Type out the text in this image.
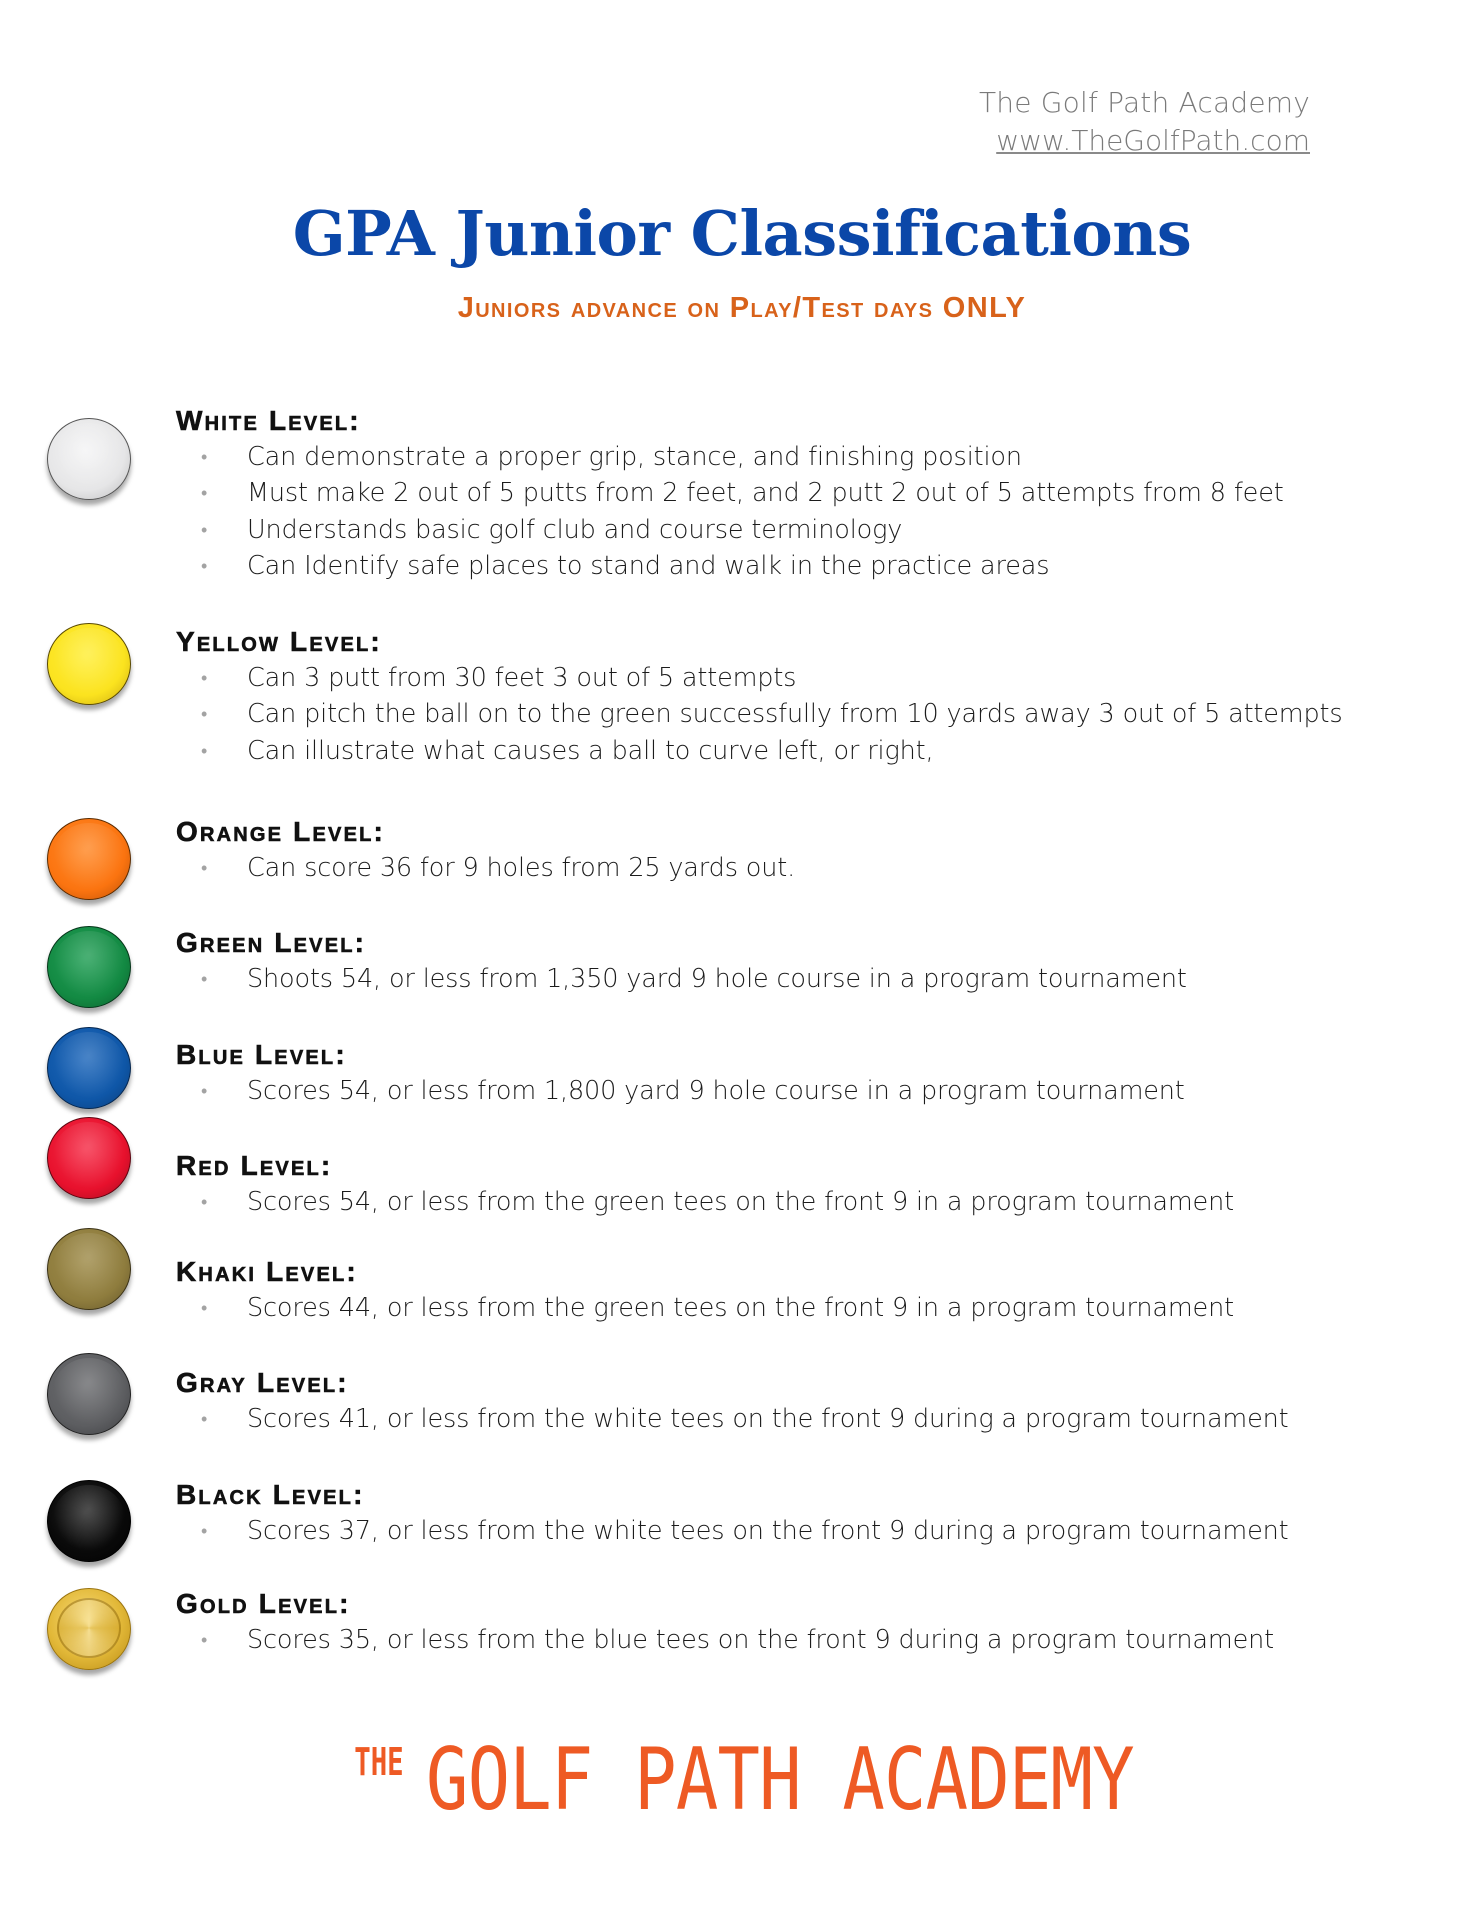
The Golf Path Academy
www.TheGolfPath.com
GPA Junior Classifications
Juniors advance on Play/Test days ONLY
White Level:
• Can demonstrate a proper grip, stance, and finishing position
• Must make 2 out of 5 putts from 2 feet, and 2 putt 2 out of 5 attempts from 8 feet
• Understands basic golf club and course terminology
• Can Identify safe places to stand and walk in the practice areas
Yellow Level:
• Can 3 putt from 30 feet 3 out of 5 attempts
• Can pitch the ball on to the green successfully from 10 yards away 3 out of 5 attempts
• Can illustrate what causes a ball to curve left, or right,
Orange Level:
• Can score 36 for 9 holes from 25 yards out.
Green Level:
• Shoots 54, or less from 1,350 yard 9 hole course in a program tournament
Blue Level:
• Scores 54, or less from 1,800 yard 9 hole course in a program tournament
Red Level:
• Scores 54, or less from the green tees on the front 9 in a program tournament
Khaki Level:
• Scores 44, or less from the green tees on the front 9 in a program tournament
Gray Level:
• Scores 41, or less from the white tees on the front 9 during a program tournament
Black Level:
• Scores 37, or less from the white tees on the front 9 during a program tournament
Gold Level:
• Scores 35, or less from the blue tees on the front 9 during a program tournament
THE GOLF PATH ACADEMY
